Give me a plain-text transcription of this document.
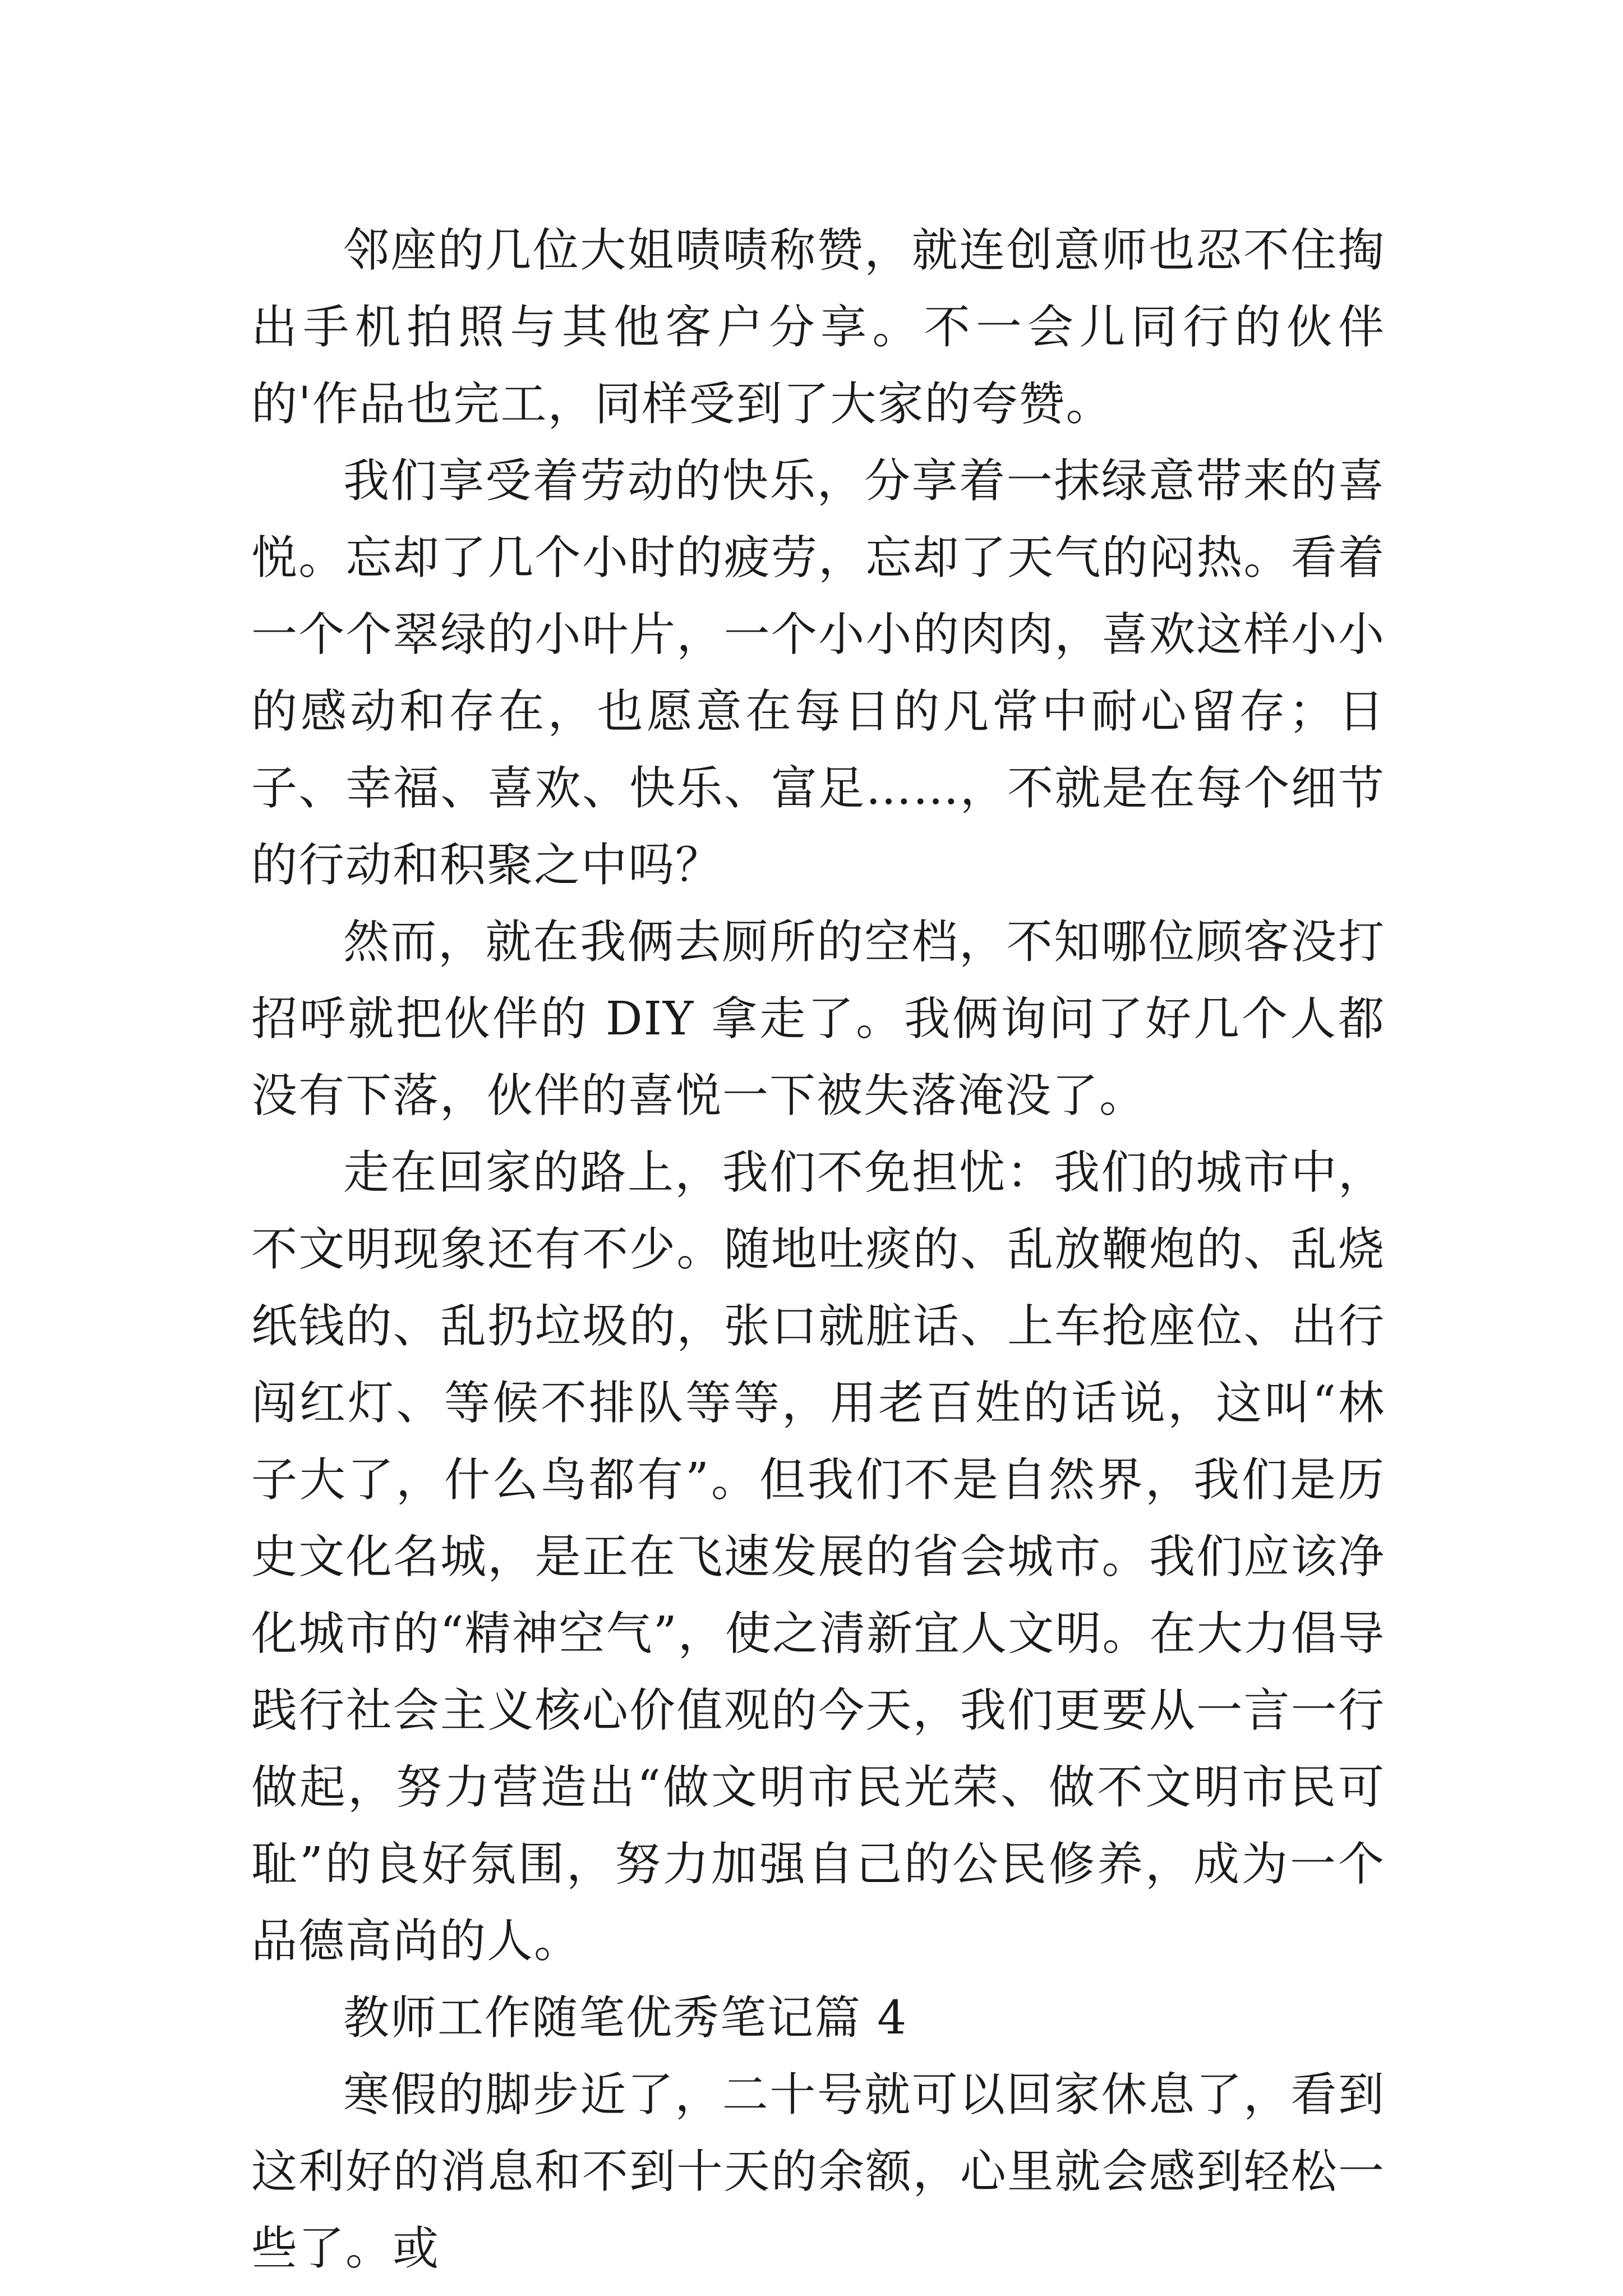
邻座的几位大姐啧啧称赞，就连创意师也忍不住掏出手机拍照与其他客户分享。不一会儿同行的伙伴的'作品也完工，同样受到了大家的夸赞。

我们享受着劳动的快乐，分享着一抹绿意带来的喜悦。忘却了几个小时的疲劳，忘却了天气的闷热。看着一个个翠绿的小叶片，一个小小的肉肉，喜欢这样小小的感动和存在，也愿意在每日的凡常中耐心留存；日子、幸福、喜欢、快乐、富足……，不就是在每个细节的行动和积聚之中吗？

然而，就在我俩去厕所的空档，不知哪位顾客没打招呼就把伙伴的 DIY 拿走了。我俩询问了好几个人都没有下落，伙伴的喜悦一下被失落淹没了。

走在回家的路上，我们不免担忧：我们的城市中，不文明现象还有不少。随地吐痰的、乱放鞭炮的、乱烧纸钱的、乱扔垃圾的，张口就脏话、上车抢座位、出行闯红灯、等候不排队等等，用老百姓的话说，这叫“林子大了，什么鸟都有”。但我们不是自然界，我们是历史文化名城，是正在飞速发展的省会城市。我们应该净化城市的“精神空气”，使之清新宜人文明。在大力倡导践行社会主义核心价值观的今天，我们更要从一言一行做起，努力营造出“做文明市民光荣、做不文明市民可耻”的良好氛围，努力加强自己的公民修养，成为一个品德高尚的人。

教师工作随笔优秀笔记篇 4

寒假的脚步近了，二十号就可以回家休息了，看到这利好的消息和不到十天的余额，心里就会感到轻松一些了。或
